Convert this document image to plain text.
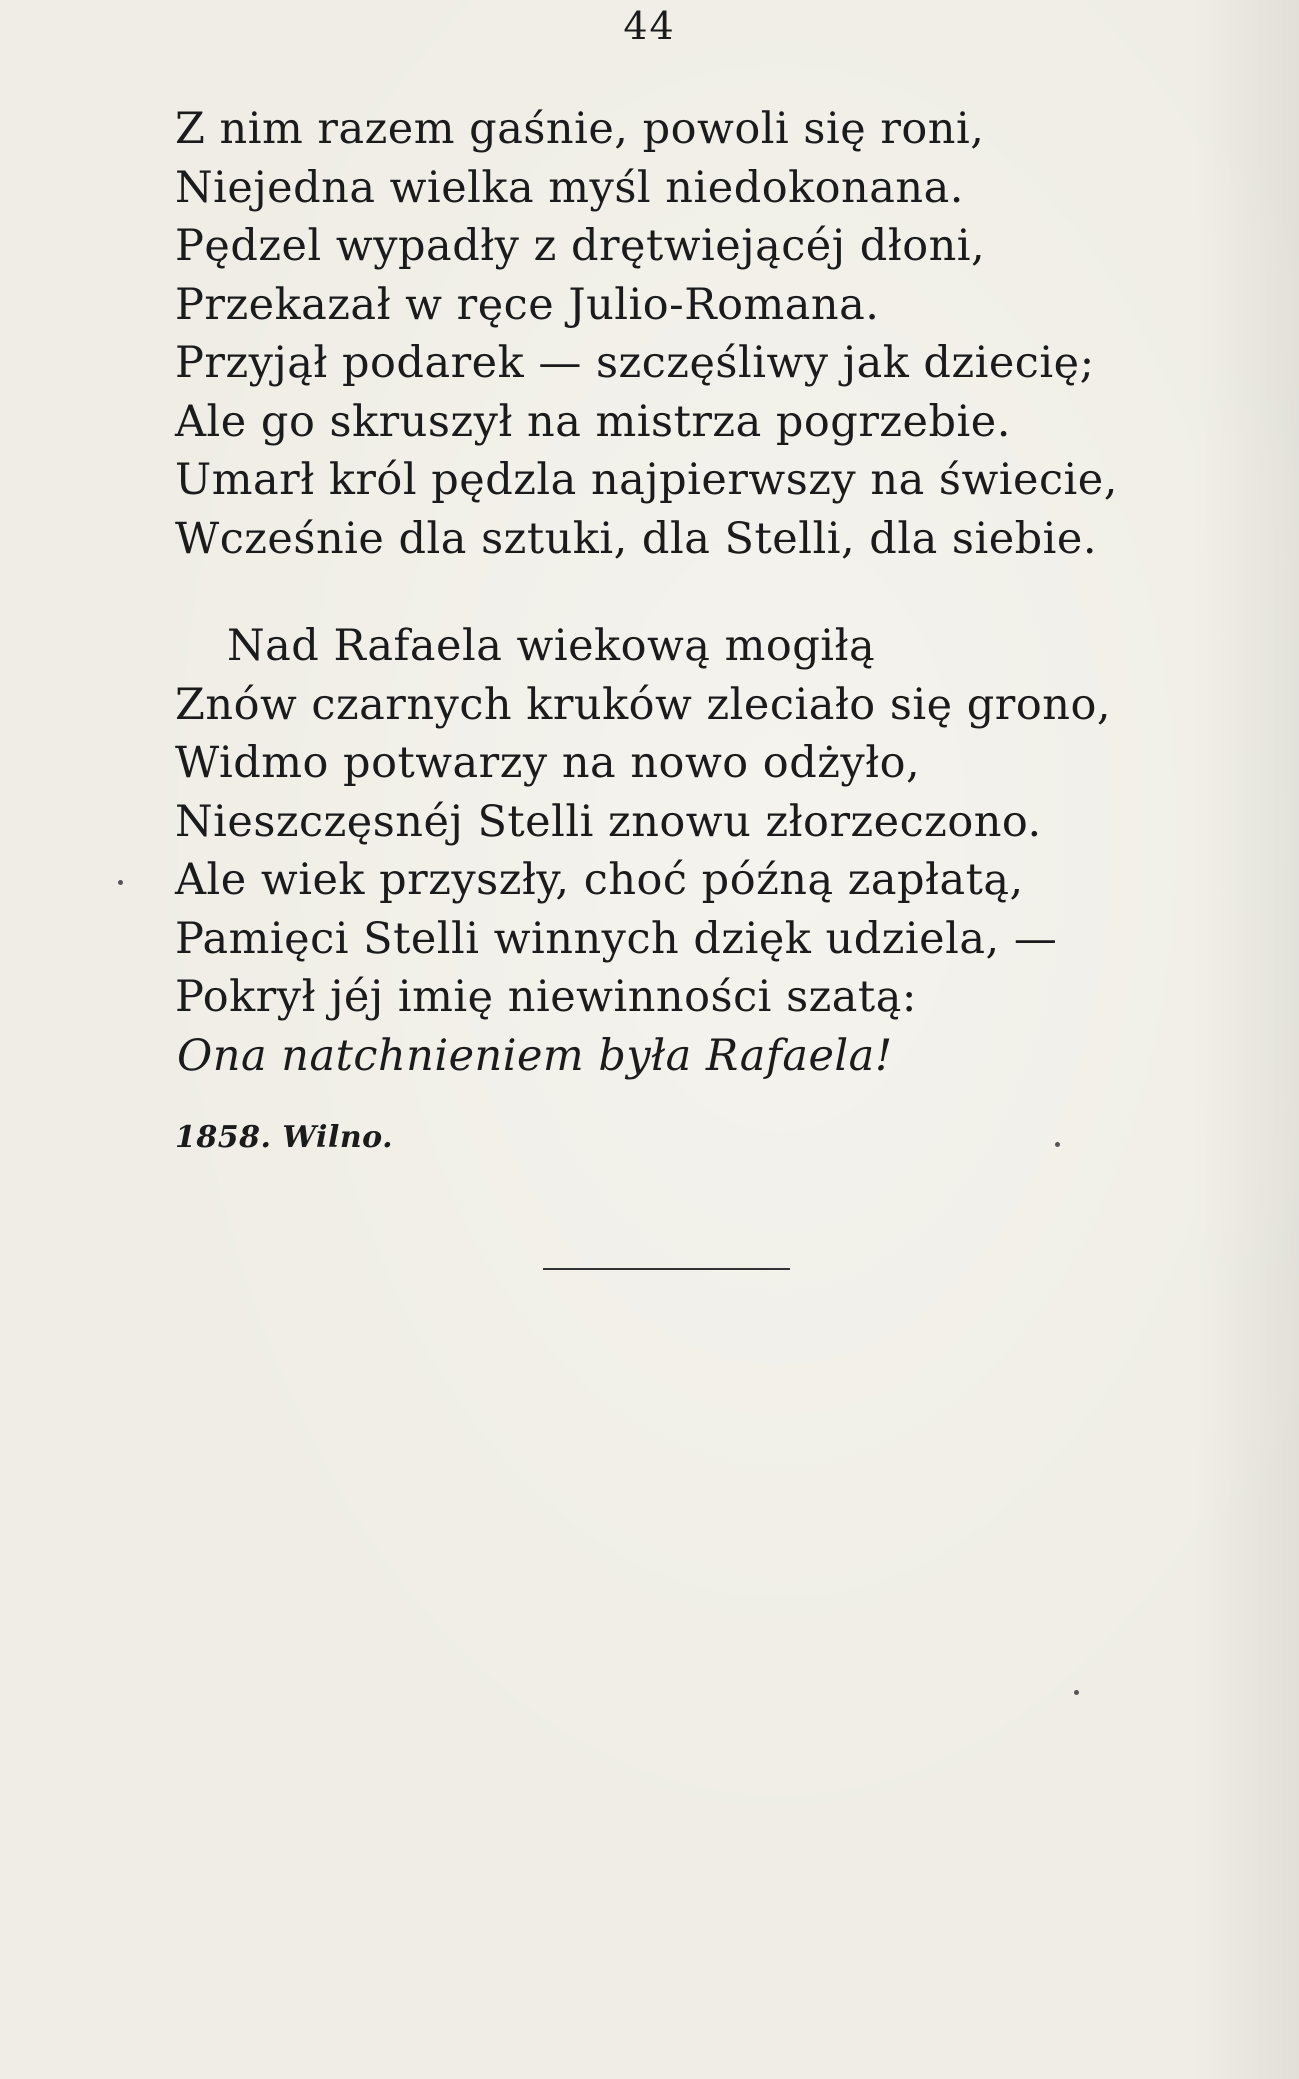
44
Z nim razem gaśnie, powoli się roni,
Niejedna wielka myśl niedokonana.
Pędzel wypadły z drętwiejącéj dłoni,
Przekazał w ręce Julio-Romana.
Przyjął podarek — szczęśliwy jak dziecię;
Ale go skruszył na mistrza pogrzebie.
Umarł król pędzla najpierwszy na świecie,
Wcześnie dla sztuki, dla Stelli, dla siebie.
Nad Rafaela wiekową mogiłą
Znów czarnych kruków zleciało się grono,
Widmo potwarzy na nowo odżyło,
Nieszczęsnéj Stelli znowu złorzeczono.
Ale wiek przyszły, choć późną zapłatą,
Pamięci Stelli winnych dzięk udziela, —
Pokrył jéj imię niewinności szatą:
Ona natchnieniem była Rafaela!
1858. Wilno.
